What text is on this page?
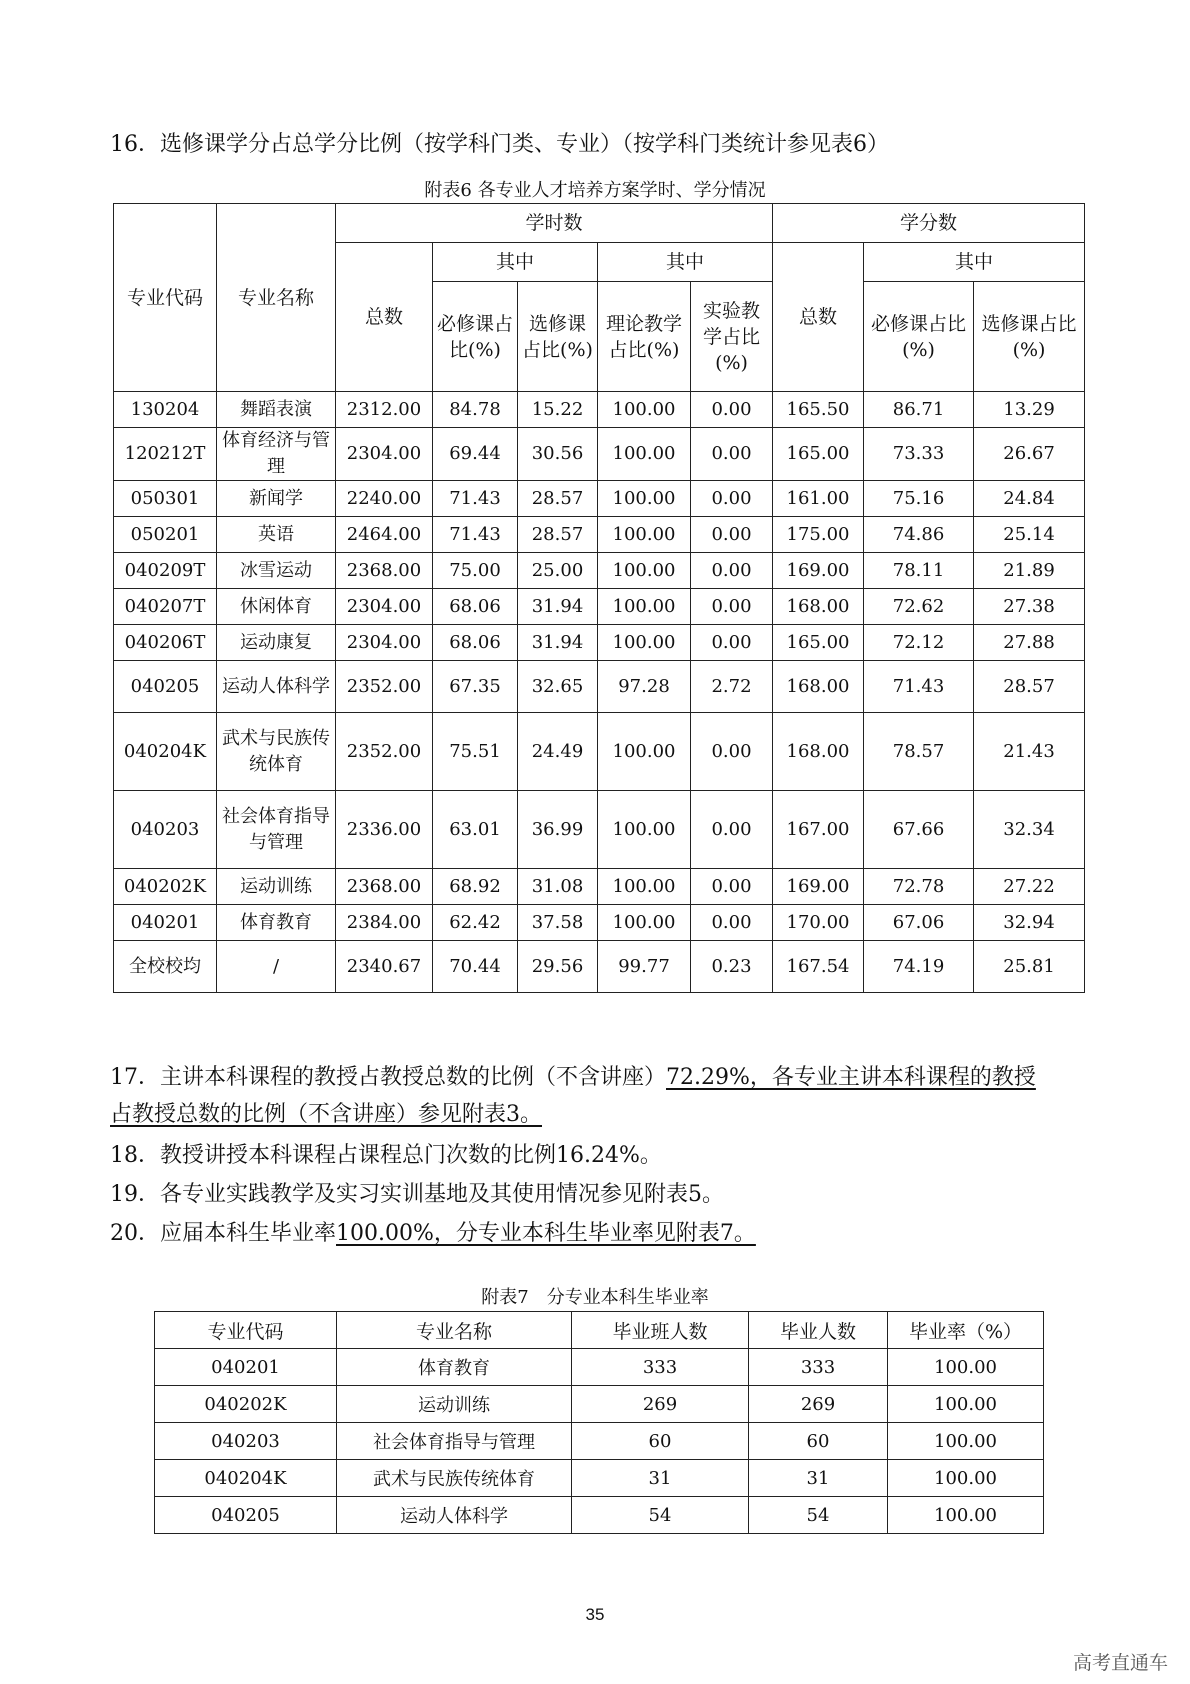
16．选修课学分占总学分比例（按学科门类、专业）（按学科门类统计参见表6）
附表6 各专业人才培养方案学时、学分情况
专业代码	专业名称	学时数					学分数		
		总数	其中		其中		总数	其中	
			必修课占比(%)	选修课占比(%)	理论教学占比(%)	实验教学占比(%)		必修课占比(%)	选修课占比(%)
130204	舞蹈表演	2312.00	84.78	15.22	100.00	0.00	165.50	86.71	13.29
120212T	体育经济与管理	2304.00	69.44	30.56	100.00	0.00	165.00	73.33	26.67
050301	新闻学	2240.00	71.43	28.57	100.00	0.00	161.00	75.16	24.84
050201	英语	2464.00	71.43	28.57	100.00	0.00	175.00	74.86	25.14
040209T	冰雪运动	2368.00	75.00	25.00	100.00	0.00	169.00	78.11	21.89
040207T	休闲体育	2304.00	68.06	31.94	100.00	0.00	168.00	72.62	27.38
040206T	运动康复	2304.00	68.06	31.94	100.00	0.00	165.00	72.12	27.88
040205	运动人体科学	2352.00	67.35	32.65	97.28	2.72	168.00	71.43	28.57
040204K	武术与民族传统体育	2352.00	75.51	24.49	100.00	0.00	168.00	78.57	21.43
040203	社会体育指导与管理	2336.00	63.01	36.99	100.00	0.00	167.00	67.66	32.34
040202K	运动训练	2368.00	68.92	31.08	100.00	0.00	169.00	72.78	27.22
040201	体育教育	2384.00	62.42	37.58	100.00	0.00	170.00	67.06	32.94
全校校均	/	2340.67	70.44	29.56	99.77	0.23	167.54	74.19	25.81
17．主讲本科课程的教授占教授总数的比例（不含讲座）72.29%，各专业主讲本科课程的教授
占教授总数的比例（不含讲座）参见附表3。
18．教授讲授本科课程占课程总门次数的比例16.24%。
19．各专业实践教学及实习实训基地及其使用情况参见附表5。
20．应届本科生毕业率100.00%，分专业本科生毕业率见附表7。
附表7　分专业本科生毕业率
专业代码	专业名称	毕业班人数	毕业人数	毕业率（%）
040201	体育教育	333	333	100.00
040202K	运动训练	269	269	100.00
040203	社会体育指导与管理	60	60	100.00
040204K	武术与民族传统体育	31	31	100.00
040205	运动人体科学	54	54	100.00
35
高考直通车
